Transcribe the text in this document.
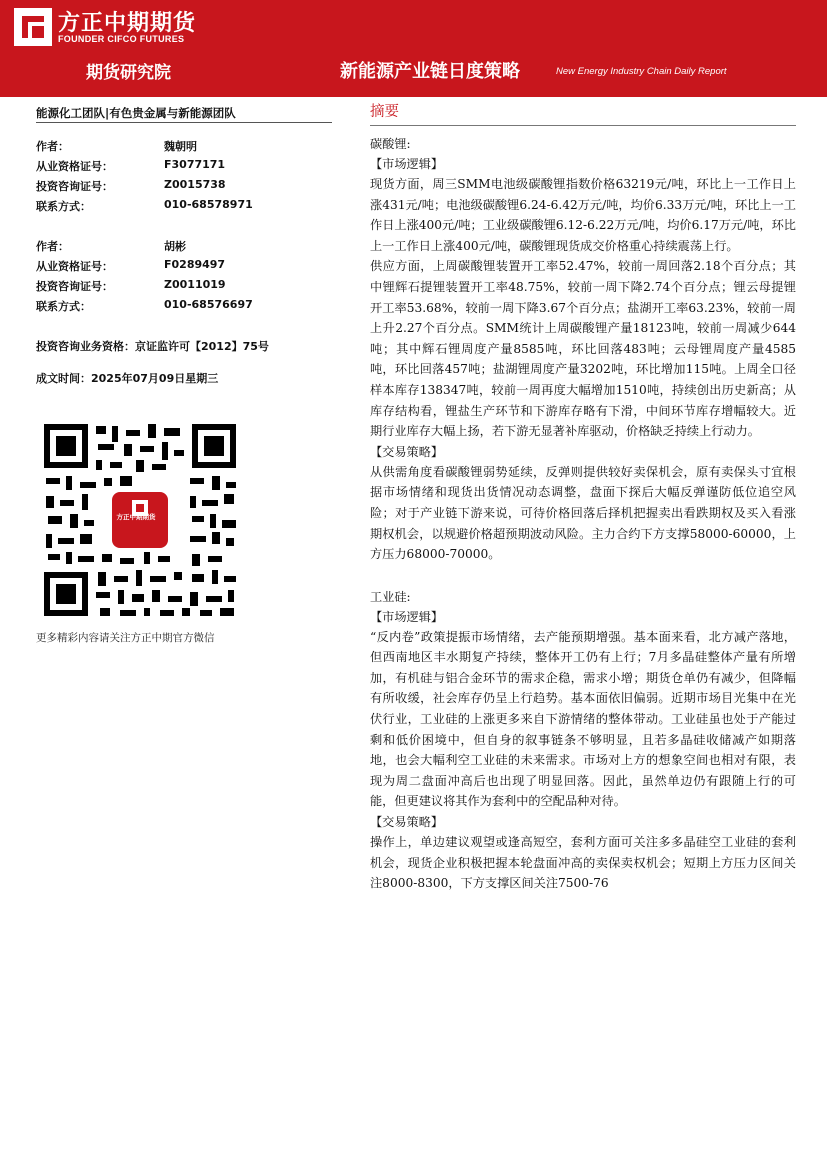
方正中期期货
FOUNDER CIFCO FUTURES
期货研究院	新能源产业链日度策略	New Energy Industry Chain Daily Report
能源化工团队|有色贵金属与新能源团队
作者：	魏朝明
从业资格证号：	F3077171
投资咨询证号：	Z0015738
联系方式：	010-68578971
作者：	胡彬
从业资格证号：	F0289497
投资咨询证号：	Z0011019
联系方式：	010-68576697
投资咨询业务资格：京证监许可【2012】75号
成文时间：2025年07月09日星期三
方正中期期货
更多精彩内容请关注方正中期官方微信
摘要
碳酸锂:
【市场逻辑】
现货方面，周三SMM电池级碳酸锂指数价格63219元/吨，环比上一工作日上涨431元/吨；电池级碳酸锂6.24-6.42万元/吨，均价6.33万元/吨，环比上一工作日上涨400元/吨；工业级碳酸锂6.12-6.22万元/吨，均价6.17万元/吨，环比上一工作日上涨400元/吨，碳酸锂现货成交价格重心持续震荡上行。
供应方面，上周碳酸锂装置开工率52.47%，较前一周回落2.18个百分点；其中锂辉石提锂装置开工率48.75%，较前一周下降2.74个百分点；锂云母提锂开工率53.68%，较前一周下降3.67个百分点；盐湖开工率63.23%，较前一周上升2.27个百分点。SMM统计上周碳酸锂产量18123吨，较前一周减少644吨；其中辉石锂周度产量8585吨，环比回落483吨；云母锂周度产量4585吨，环比回落457吨；盐湖锂周度产量3202吨，环比增加115吨。上周全口径样本库存138347吨，较前一周再度大幅增加1510吨，持续创出历史新高；从库存结构看，锂盐生产环节和下游库存略有下滑，中间环节库存增幅较大。近期行业库存大幅上扬，若下游无显著补库驱动，价格缺乏持续上行动力。
【交易策略】
从供需角度看碳酸锂弱势延续，反弹则提供较好卖保机会，原有卖保头寸宜根据市场情绪和现货出货情况动态调整，盘面下探后大幅反弹谨防低位追空风险；对于产业链下游来说，可待价格回落后择机把握卖出看跌期权及买入看涨期权机会，以规避价格超预期波动风险。主力合约下方支撑58000-60000，上方压力68000-70000。
工业硅:
【市场逻辑】
“反内卷”政策提振市场情绪，去产能预期增强。基本面来看，北方减产落地，但西南地区丰水期复产持续，整体开工仍有上行；7月多晶硅整体产量有所增加，有机硅与铝合金环节的需求企稳，需求小增；期货仓单仍有减少，但降幅有所收缓，社会库存仍呈上行趋势。基本面依旧偏弱。近期市场目光集中在光伏行业，工业硅的上涨更多来自下游情绪的整体带动。工业硅虽也处于产能过剩和低价困境中，但自身的叙事链条不够明显，且若多晶硅收储减产如期落地，也会大幅利空工业硅的未来需求。市场对上方的想象空间也相对有限，表现为周二盘面冲高后也出现了明显回落。因此，虽然单边仍有跟随上行的可能，但更建议将其作为套利中的空配品种对待。
【交易策略】
操作上，单边建议观望或逢高短空，套利方面可关注多多晶硅空工业硅的套利机会，现货企业积极把握本轮盘面冲高的卖保卖权机会；短期上方压力区间关注8000-8300，下方支撑区间关注7500-76
